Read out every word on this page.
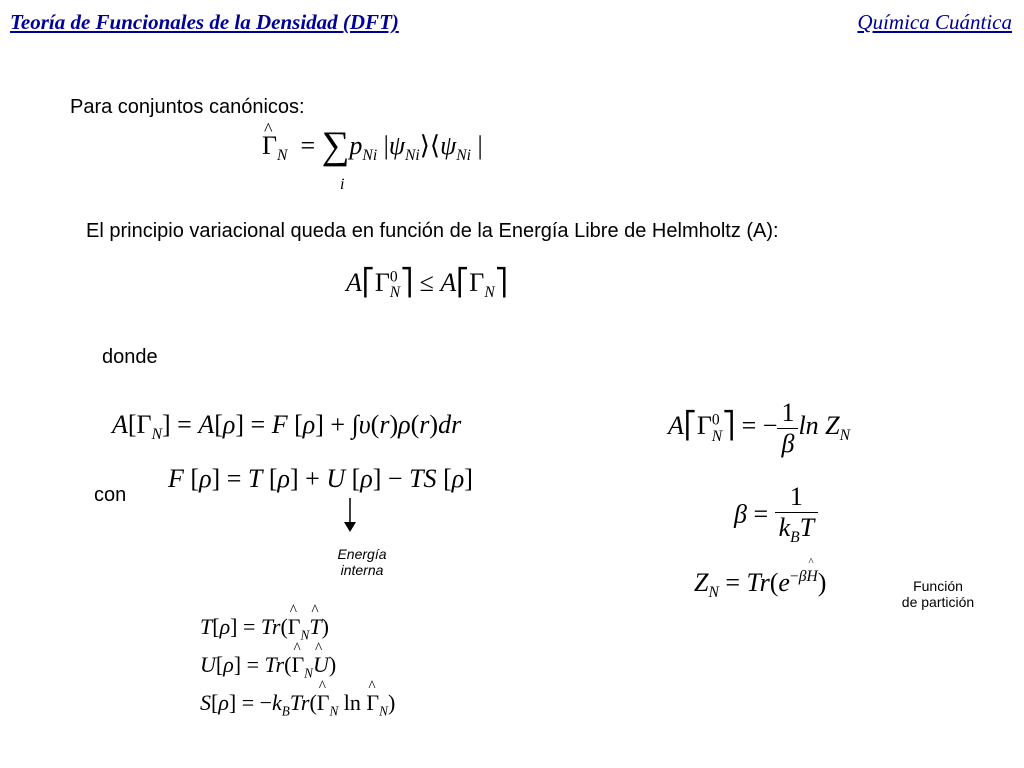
Teoría de Funcionales de la Densidad (DFT)	Química Cuántica
Para conjuntos canónicos:
^ $\Gamma_N = \sum p_{Ni}$ $|\psi_{Ni}⟩⟨\psi_{Ni}$ |
i
El principio variacional queda en función de la Energía Libre de Helmholtz (A):
$A⎡\Gamma^0_N⎤$ ≤ $A⎡\Gamma_N⎤$
donde
$A[\Gamma_N] = A[\rho] = F$ [ρ] + ∫υ(r)ρ(r)dr
F [ρ] = T [ρ] + U [ρ] − TS [ρ]
con
Energía
interna
T[ρ] = Tr(^ $\Gamma_N\^{}$ T)
U[ρ] = Tr(^ $\Gamma_N\^{}$ U)
$S[\rho] = -k_BTr(\^{}$ $\Gamma_N$ ln ^ $\Gamma_N$)
$A⎡\Gamma^0_N⎤$ = − $\frac{1}{\beta}$ $\ln Z_N$
$\beta = \frac{1}{k_BT}$
$Z_N = Tr(e^{-\beta\^{} H})$	Función
de partición
